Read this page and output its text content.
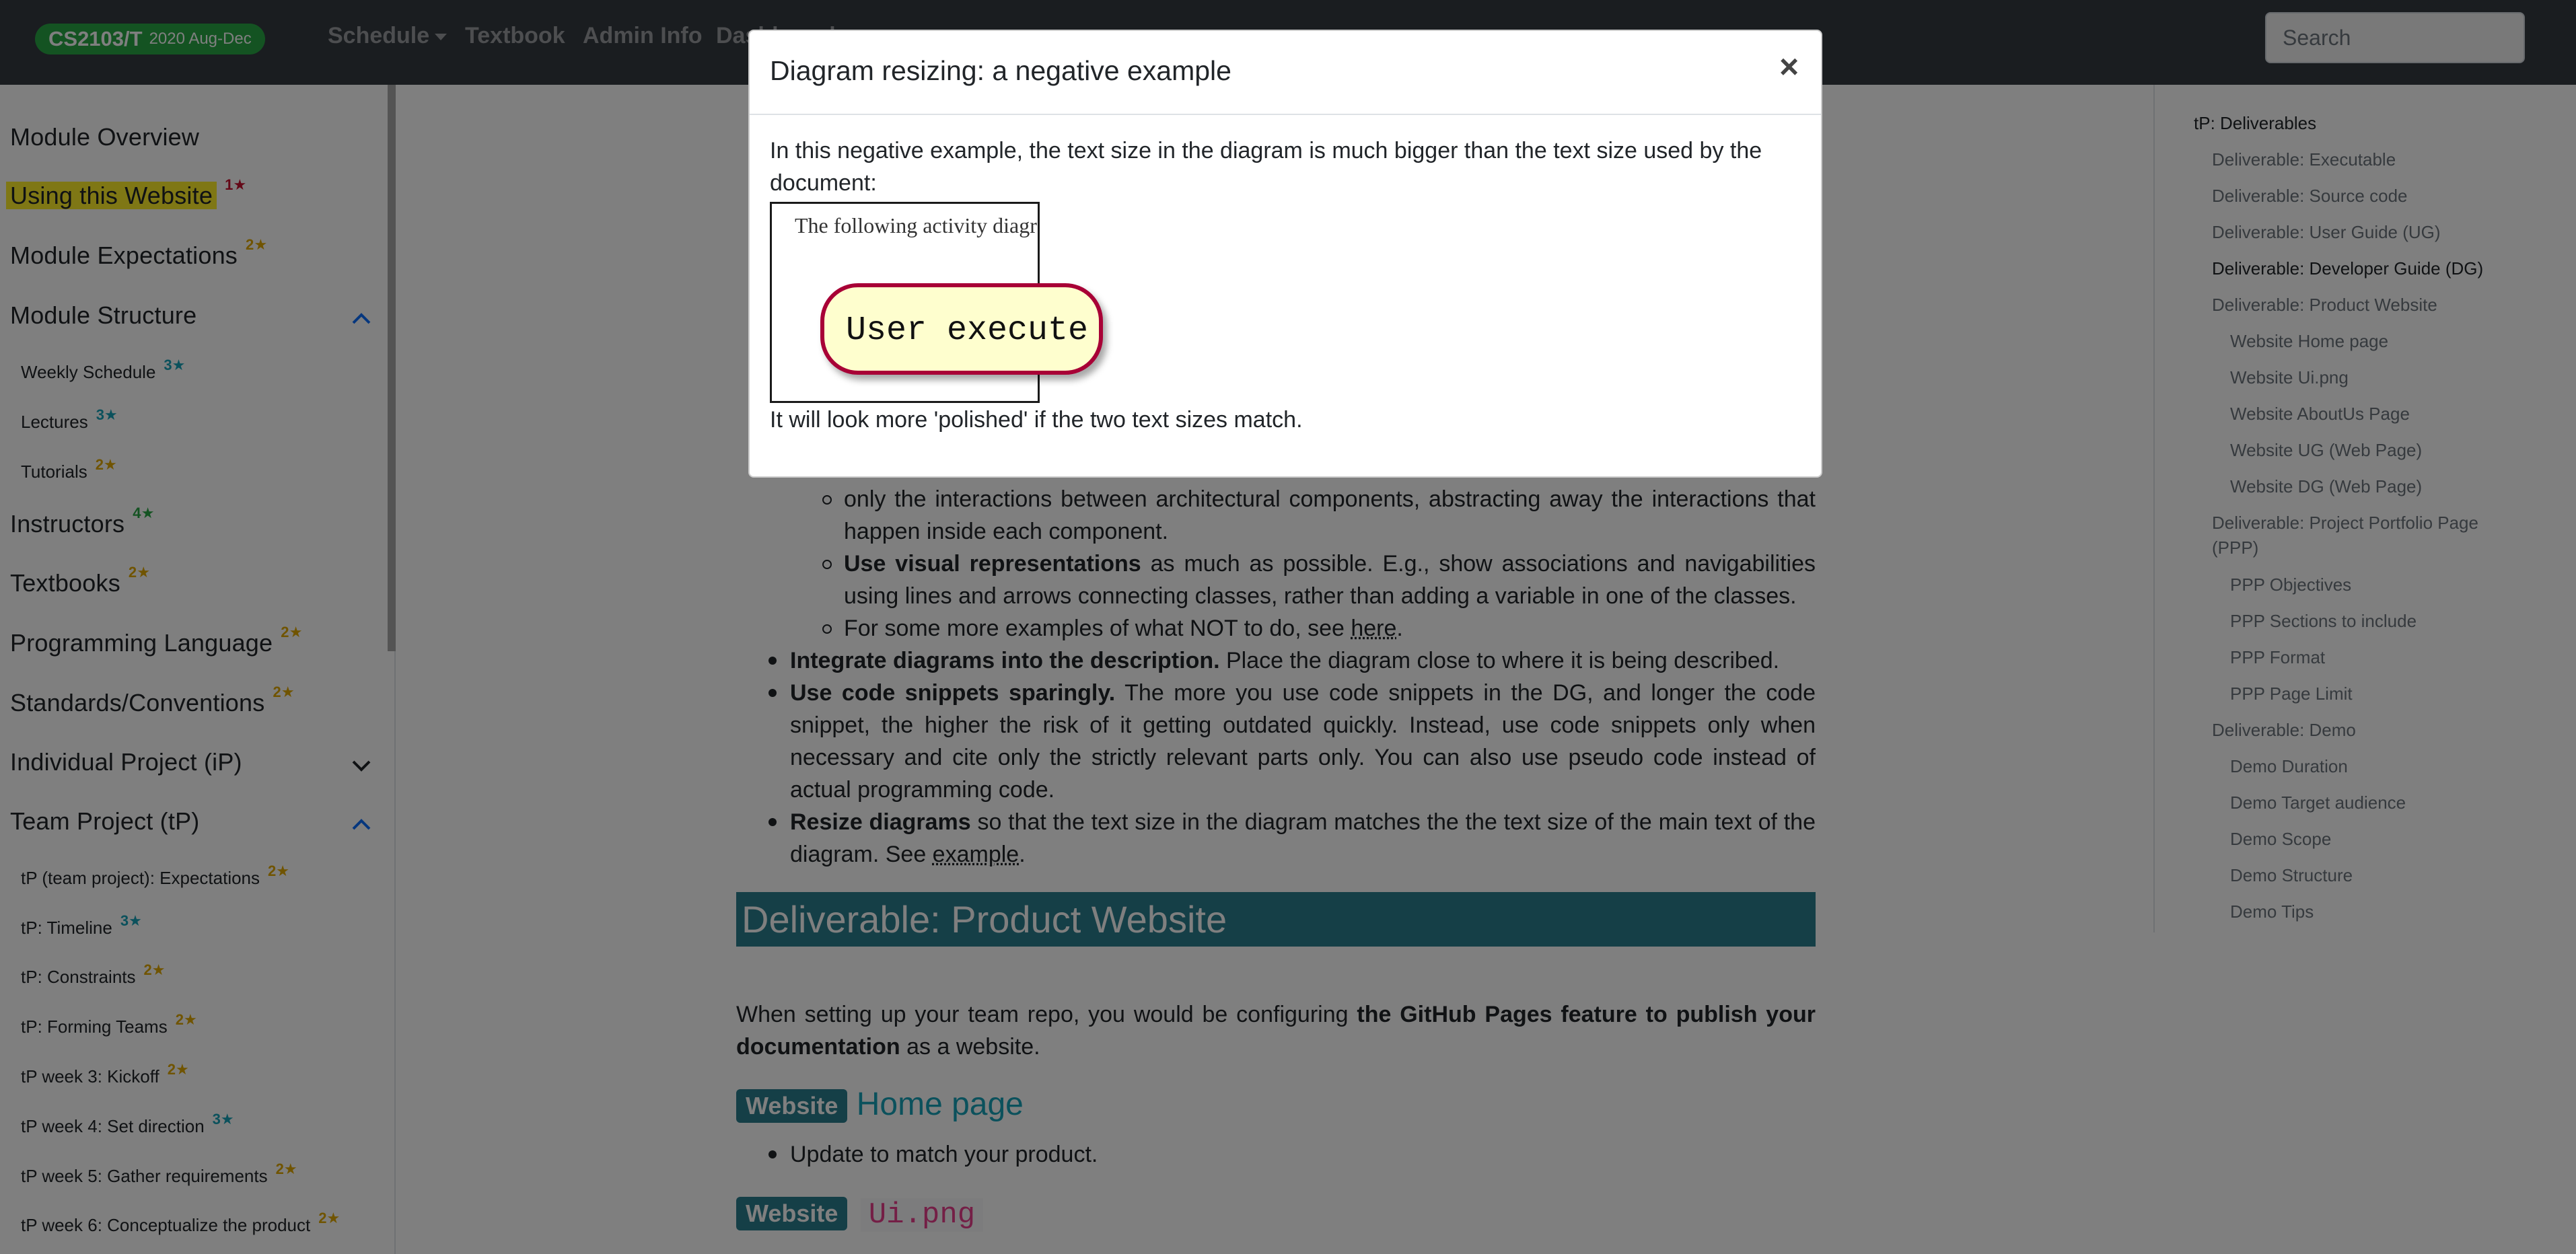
Search
Diagram resizing: a negative example	×
In this negative example, the text size in the diagram is much bigger than the text size used by the document:
The following activity diagr
User execute
It will look more 'polished' if the two text sizes match.
